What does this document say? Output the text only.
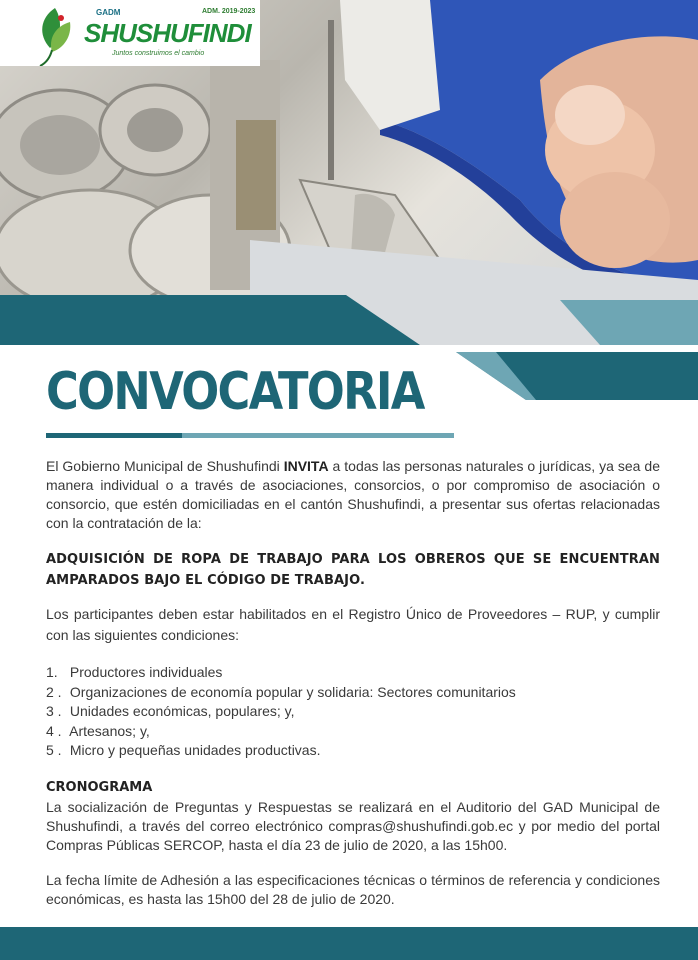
GADM	ADM. 2019-2023
SHUSHUFINDI
Juntos construimos el cambio
CONVOCATORIA

El Gobierno Municipal de Shushufindi INVITA a todas las personas naturales o jurídicas, ya sea de manera individual o a través de asociaciones, consorcios, o por compromiso de asociación o consorcio, que estén domiciliadas en el cantón Shushufindi, a presentar sus ofertas relacionadas con la contratación de la:

ADQUISICIÓN DE ROPA DE TRABAJO PARA LOS OBREROS QUE SE ENCUENTRAN AMPARADOS BAJO EL CÓDIGO DE TRABAJO.

Los participantes deben estar habilitados en el Registro Único de Proveedores – RUP, y cumplir con las siguientes condiciones:

1. Productores individuales
2 . Organizaciones de economía popular y solidaria: Sectores comunitarios
3 . Unidades económicas, populares; y,
4 . Artesanos; y,
5 . Micro y pequeñas unidades productivas.
CRONOGRAMA

La socialización de Preguntas y Respuestas se realizará en el Auditorio del GAD Municipal de Shushufindi, a través del correo electrónico compras@shushufindi.gob.ec y por medio del portal Compras Públicas SERCOP, hasta el día 23 de julio de 2020, a las 15h00.

La fecha límite de Adhesión a las especificaciones técnicas o términos de referencia y condiciones económicas, es hasta las 15h00 del 28 de julio de 2020.
